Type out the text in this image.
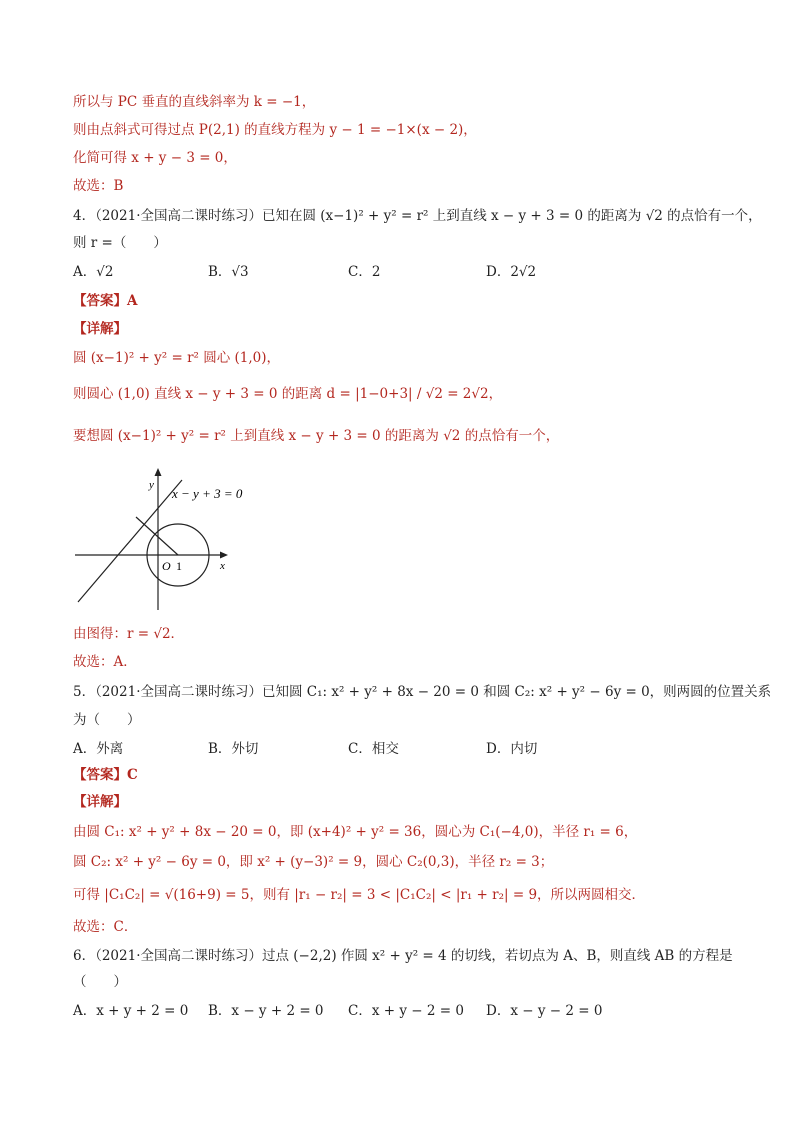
所以与 PC 垂直的直线斜率为 k = −1，
则由点斜式可得过点 P(2,1) 的直线方程为 y − 1 = −1×(x − 2)，
化简可得 x + y − 3 = 0，
故选：B
4．（2021·全国高二课时练习）已知在圆 (x−1)² + y² = r² 上到直线 x − y + 3 = 0 的距离为 √2 的点恰有一个，
则 r =（　　）
A．√2	B．√3	C．2	D．2√2
【答案】A
【详解】
圆 (x−1)² + y² = r² 圆心 (1,0)，
则圆心 (1,0) 直线 x − y + 3 = 0 的距离 d = |1−0+3| / √2 = 2√2，
要想圆 (x−1)² + y² = r² 上到直线 x − y + 3 = 0 的距离为 √2 的点恰有一个，
y
x
x − y + 3 = 0
O 1
由图得：r = √2．
故选：A．
5．（2021·全国高二课时练习）已知圆 C₁: x² + y² + 8x − 20 = 0 和圆 C₂: x² + y² − 6y = 0，则两圆的位置关系
为（　　）
A．外离	B．外切	C．相交	D．内切
【答案】C
【详解】
由圆 C₁: x² + y² + 8x − 20 = 0，即 (x+4)² + y² = 36，圆心为 C₁(−4,0)，半径 r₁ = 6，
圆 C₂: x² + y² − 6y = 0，即 x² + (y−3)² = 9，圆心 C₂(0,3)，半径 r₂ = 3；
可得 |C₁C₂| = √(16+9) = 5，则有 |r₁ − r₂| = 3 < |C₁C₂| < |r₁ + r₂| = 9，所以两圆相交．
故选：C．
6．（2021·全国高二课时练习）过点 (−2,2) 作圆 x² + y² = 4 的切线，若切点为 A、B，则直线 AB 的方程是
（　　）
A．x + y + 2 = 0 B．x − y + 2 = 0 C．x + y − 2 = 0 D．x − y − 2 = 0
